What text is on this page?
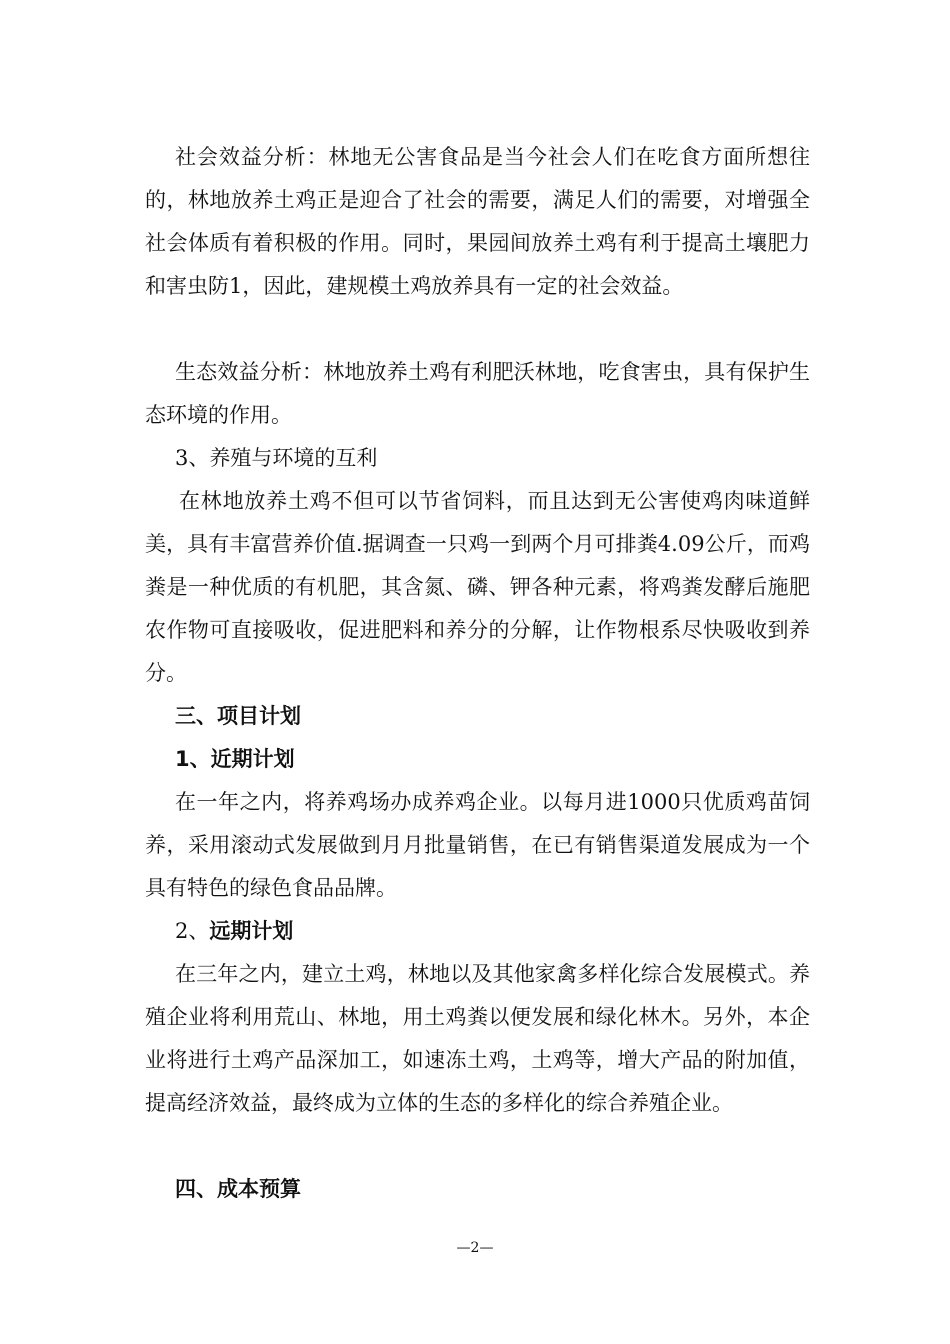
社会效益分析：林地无公害食品是当今社会人们在吃食方面所想往的，林地放养土鸡正是迎合了社会的需要，满足人们的需要，对增强全社会体质有着积极的作用。同时，果园间放养土鸡有利于提高土壤肥力和害虫防1，因此，建规模土鸡放养具有一定的社会效益。

生态效益分析：林地放养土鸡有利肥沃林地，吃食害虫，具有保护生态环境的作用。

3、养殖与环境的互利

在林地放养土鸡不但可以节省饲料，而且达到无公害使鸡肉味道鲜美，具有丰富营养价值.据调查一只鸡一到两个月可排粪4.09公斤，而鸡粪是一种优质的有机肥，其含氮、磷、钾各种元素，将鸡粪发酵后施肥农作物可直接吸收，促进肥料和养分的分解，让作物根系尽快吸收到养分。

三、项目计划

1、近期计划

在一年之内，将养鸡场办成养鸡企业。以每月进1000只优质鸡苗饲养，采用滚动式发展做到月月批量销售，在已有销售渠道发展成为一个具有特色的绿色食品品牌。

2、远期计划

在三年之内，建立土鸡，林地以及其他家禽多样化综合发展模式。养殖企业将利用荒山、林地，用土鸡粪以便发展和绿化林木。另外，本企业将进行土鸡产品深加工，如速冻土鸡，土鸡等，增大产品的附加值，提高经济效益，最终成为立体的生态的多样化的综合养殖企业。

四、成本预算

—2—
